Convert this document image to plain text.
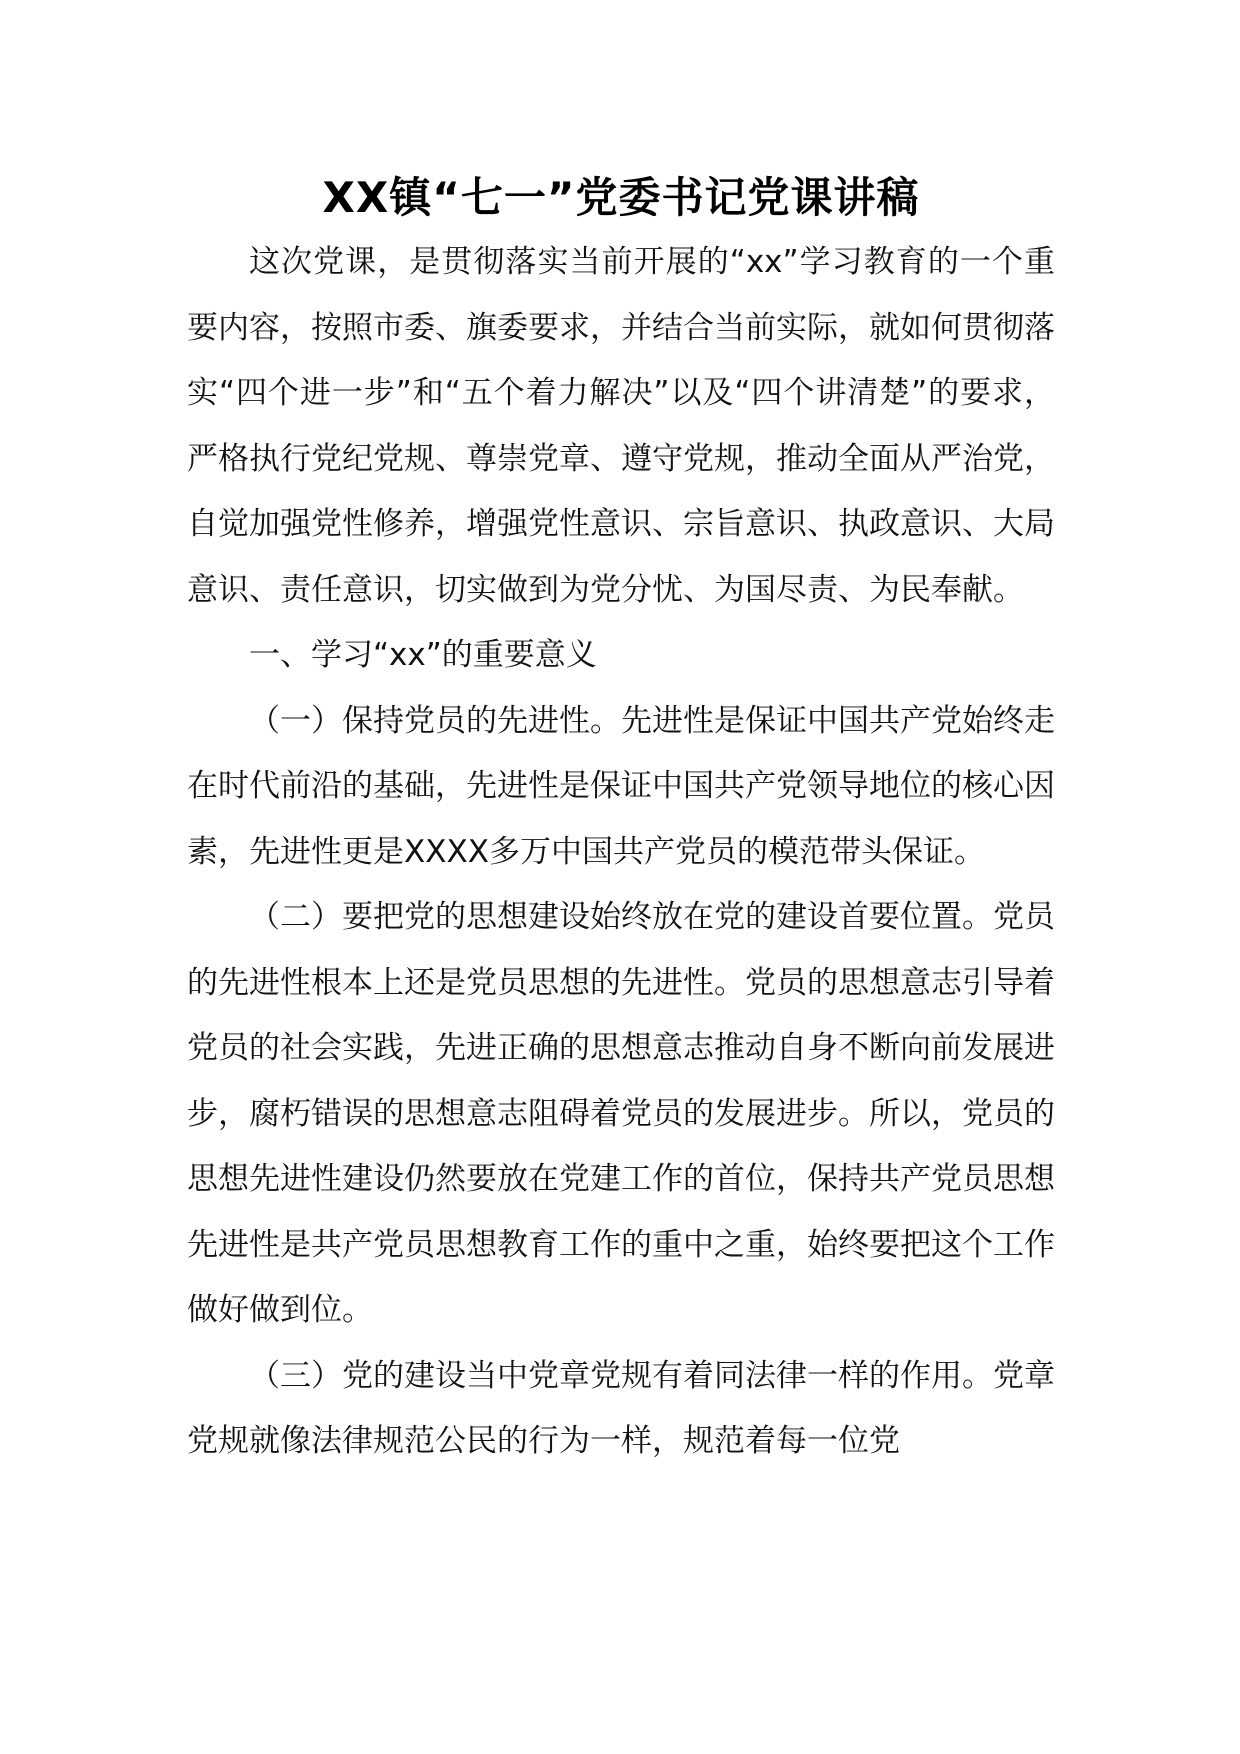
XX镇“七一”党委书记党课讲稿

这次党课，是贯彻落实当前开展的“xx”学习教育的一个重要内容，按照市委、旗委要求，并结合当前实际，就如何贯彻落实“四个进一步”和“五个着力解决”以及“四个讲清楚”的要求，严格执行党纪党规、尊崇党章、遵守党规，推动全面从严治党，自觉加强党性修养，增强党性意识、宗旨意识、执政意识、大局意识、责任意识，切实做到为党分忧、为国尽责、为民奉献。

一、学习“xx”的重要意义

（一）保持党员的先进性。先进性是保证中国共产党始终走在时代前沿的基础，先进性是保证中国共产党领导地位的核心因素，先进性更是XXXX多万中国共产党员的模范带头保证。

（二）要把党的思想建设始终放在党的建设首要位置。党员的先进性根本上还是党员思想的先进性。党员的思想意志引导着党员的社会实践，先进正确的思想意志推动自身不断向前发展进步，腐朽错误的思想意志阻碍着党员的发展进步。所以，党员的思想先进性建设仍然要放在党建工作的首位，保持共产党员思想先进性是共产党员思想教育工作的重中之重，始终要把这个工作做好做到位。

（三）党的建设当中党章党规有着同法律一样的作用。党章党规就像法律规范公民的行为一样，规范着每一位党
